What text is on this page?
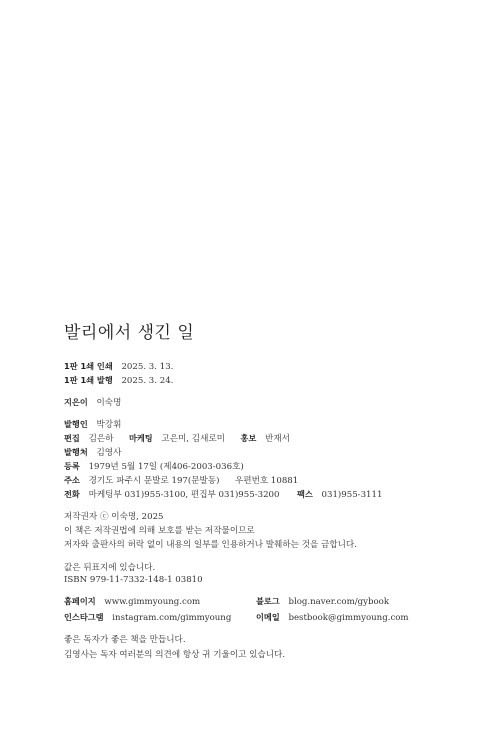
발리에서 생긴 일
1판 1쇄 인쇄 2025. 3. 13.
1판 1쇄 발행 2025. 3. 24.
지은이 이숙명
발행인 박강휘
편집 김은하 마케팅 고은미, 김새로미 홍보 반재서
발행처 김영사
등록 1979년 5월 17일 (제406-2003-036호)
주소 경기도 파주시 문발로 197(문발동) 우편번호 10881
전화 마케팅부 031)955-3100, 편집부 031)955-3200 팩스 031)955-3111
저작권자 ⓒ 이숙명, 2025
이 책은 저작권법에 의해 보호를 받는 저작물이므로
저자와 출판사의 허락 없이 내용의 일부를 인용하거나 발췌하는 것을 금합니다.
값은 뒤표지에 있습니다.
ISBN 979-11-7332-148-1 03810
홈페이지 www.gimmyoung.com	블로그 blog.naver.com/gybook
인스타그램 instagram.com/gimmyoung	이메일 bestbook@gimmyoung.com
좋은 독자가 좋은 책을 만듭니다.
김영사는 독자 여러분의 의견에 항상 귀 기울이고 있습니다.
